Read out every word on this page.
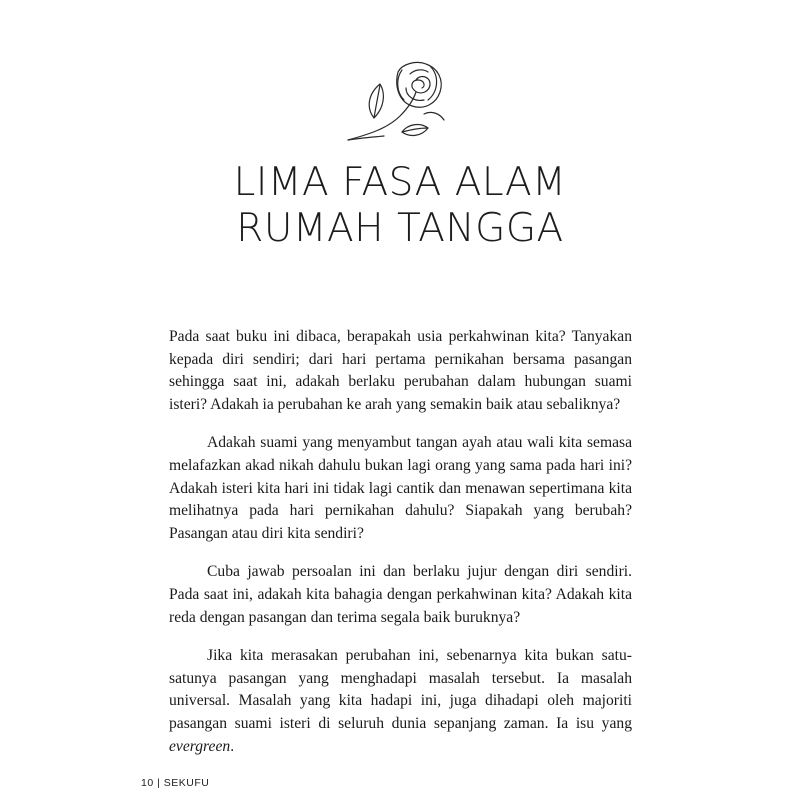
LIMA FASA ALAM
RUMAH TANGGA

Pada saat buku ini dibaca, berapakah usia perkahwinan kita? Tanyakan kepada diri sendiri; dari hari pertama pernikahan bersama pasangan sehingga saat ini, adakah berlaku perubahan dalam hubungan suami isteri? Adakah ia perubahan ke arah yang semakin baik atau sebaliknya?

Adakah suami yang menyambut tangan ayah atau wali kita semasa melafazkan akad nikah dahulu bukan lagi orang yang sama pada hari ini? Adakah isteri kita hari ini tidak lagi cantik dan menawan sepertimana kita melihatnya pada hari pernikahan dahulu? Siapakah yang berubah? Pasangan atau diri kita sendiri?

Cuba jawab persoalan ini dan berlaku jujur dengan diri sendiri. Pada saat ini, adakah kita bahagia dengan perkahwinan kita? Adakah kita reda dengan pasangan dan terima segala baik buruknya?

Jika kita merasakan perubahan ini, sebenarnya kita bukan satu-satunya pasangan yang menghadapi masalah tersebut. Ia masalah universal. Masalah yang kita hadapi ini, juga dihadapi oleh majoriti pasangan suami isteri di seluruh dunia sepanjang zaman. Ia isu yang evergreen.

10 | SEKUFU
